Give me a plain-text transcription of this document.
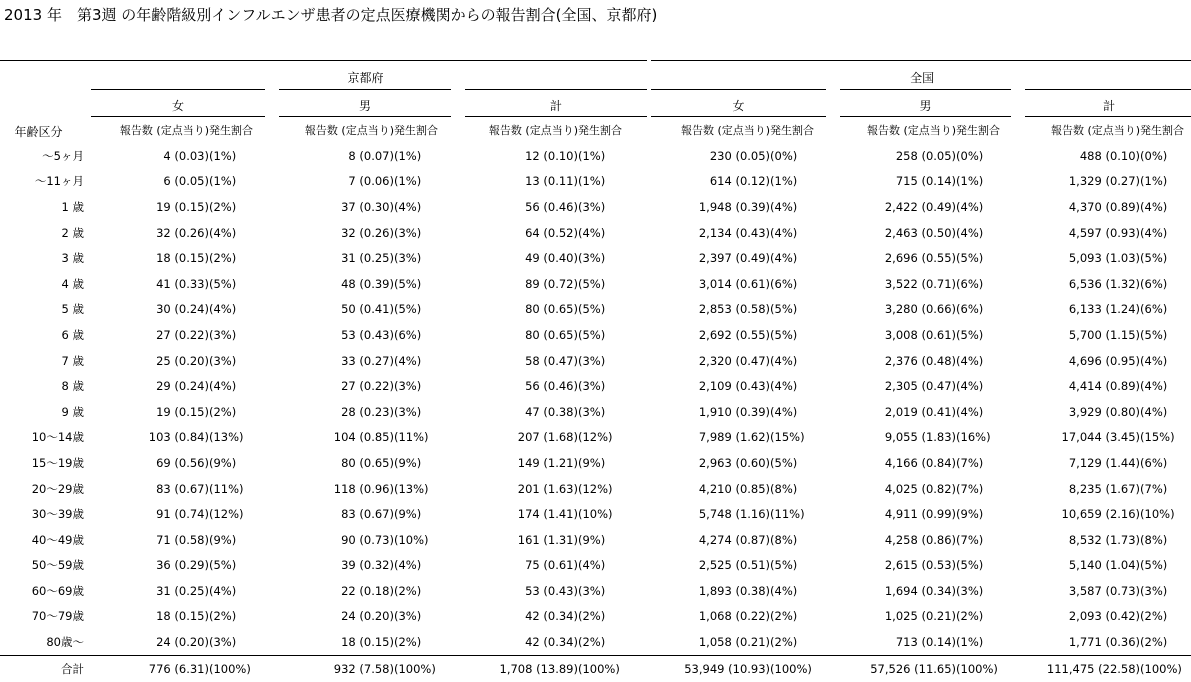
2013 年　第3週 の年齢階級別インフルエンザ患者の定点医療機関からの報告割合(全国、京都府)
年齢区分	京都府						全国					
	女		男		計		女		男		計	
	報告数 (定点当り)	発生割合	報告数 (定点当り)	発生割合	報告数 (定点当り)	発生割合	報告数 (定点当り)	発生割合	報告数 (定点当り)	発生割合	報告数 (定点当り)	発生割合
～5ヶ月	4 (0.03)	(1%)	8 (0.07)	(1%)	12 (0.10)	(1%)	230 (0.05)	(0%)	258 (0.05)	(0%)	488 (0.10)	(0%)
～11ヶ月	6 (0.05)	(1%)	7 (0.06)	(1%)	13 (0.11)	(1%)	614 (0.12)	(1%)	715 (0.14)	(1%)	1,329 (0.27)	(1%)
1 歳	19 (0.15)	(2%)	37 (0.30)	(4%)	56 (0.46)	(3%)	1,948 (0.39)	(4%)	2,422 (0.49)	(4%)	4,370 (0.89)	(4%)
2 歳	32 (0.26)	(4%)	32 (0.26)	(3%)	64 (0.52)	(4%)	2,134 (0.43)	(4%)	2,463 (0.50)	(4%)	4,597 (0.93)	(4%)
3 歳	18 (0.15)	(2%)	31 (0.25)	(3%)	49 (0.40)	(3%)	2,397 (0.49)	(4%)	2,696 (0.55)	(5%)	5,093 (1.03)	(5%)
4 歳	41 (0.33)	(5%)	48 (0.39)	(5%)	89 (0.72)	(5%)	3,014 (0.61)	(6%)	3,522 (0.71)	(6%)	6,536 (1.32)	(6%)
5 歳	30 (0.24)	(4%)	50 (0.41)	(5%)	80 (0.65)	(5%)	2,853 (0.58)	(5%)	3,280 (0.66)	(6%)	6,133 (1.24)	(6%)
6 歳	27 (0.22)	(3%)	53 (0.43)	(6%)	80 (0.65)	(5%)	2,692 (0.55)	(5%)	3,008 (0.61)	(5%)	5,700 (1.15)	(5%)
7 歳	25 (0.20)	(3%)	33 (0.27)	(4%)	58 (0.47)	(3%)	2,320 (0.47)	(4%)	2,376 (0.48)	(4%)	4,696 (0.95)	(4%)
8 歳	29 (0.24)	(4%)	27 (0.22)	(3%)	56 (0.46)	(3%)	2,109 (0.43)	(4%)	2,305 (0.47)	(4%)	4,414 (0.89)	(4%)
9 歳	19 (0.15)	(2%)	28 (0.23)	(3%)	47 (0.38)	(3%)	1,910 (0.39)	(4%)	2,019 (0.41)	(4%)	3,929 (0.80)	(4%)
10～14歳	103 (0.84)	(13%)	104 (0.85)	(11%)	207 (1.68)	(12%)	7,989 (1.62)	(15%)	9,055 (1.83)	(16%)	17,044 (3.45)	(15%)
15～19歳	69 (0.56)	(9%)	80 (0.65)	(9%)	149 (1.21)	(9%)	2,963 (0.60)	(5%)	4,166 (0.84)	(7%)	7,129 (1.44)	(6%)
20～29歳	83 (0.67)	(11%)	118 (0.96)	(13%)	201 (1.63)	(12%)	4,210 (0.85)	(8%)	4,025 (0.82)	(7%)	8,235 (1.67)	(7%)
30～39歳	91 (0.74)	(12%)	83 (0.67)	(9%)	174 (1.41)	(10%)	5,748 (1.16)	(11%)	4,911 (0.99)	(9%)	10,659 (2.16)	(10%)
40～49歳	71 (0.58)	(9%)	90 (0.73)	(10%)	161 (1.31)	(9%)	4,274 (0.87)	(8%)	4,258 (0.86)	(7%)	8,532 (1.73)	(8%)
50～59歳	36 (0.29)	(5%)	39 (0.32)	(4%)	75 (0.61)	(4%)	2,525 (0.51)	(5%)	2,615 (0.53)	(5%)	5,140 (1.04)	(5%)
60～69歳	31 (0.25)	(4%)	22 (0.18)	(2%)	53 (0.43)	(3%)	1,893 (0.38)	(4%)	1,694 (0.34)	(3%)	3,587 (0.73)	(3%)
70～79歳	18 (0.15)	(2%)	24 (0.20)	(3%)	42 (0.34)	(2%)	1,068 (0.22)	(2%)	1,025 (0.21)	(2%)	2,093 (0.42)	(2%)
80歳～	24 (0.20)	(3%)	18 (0.15)	(2%)	42 (0.34)	(2%)	1,058 (0.21)	(2%)	713 (0.14)	(1%)	1,771 (0.36)	(2%)
合計	776 (6.31)	(100%)	932 (7.58)	(100%)	1,708 (13.89)	(100%)	53,949 (10.93)	(100%)	57,526 (11.65)	(100%)	111,475 (22.58)	(100%)
